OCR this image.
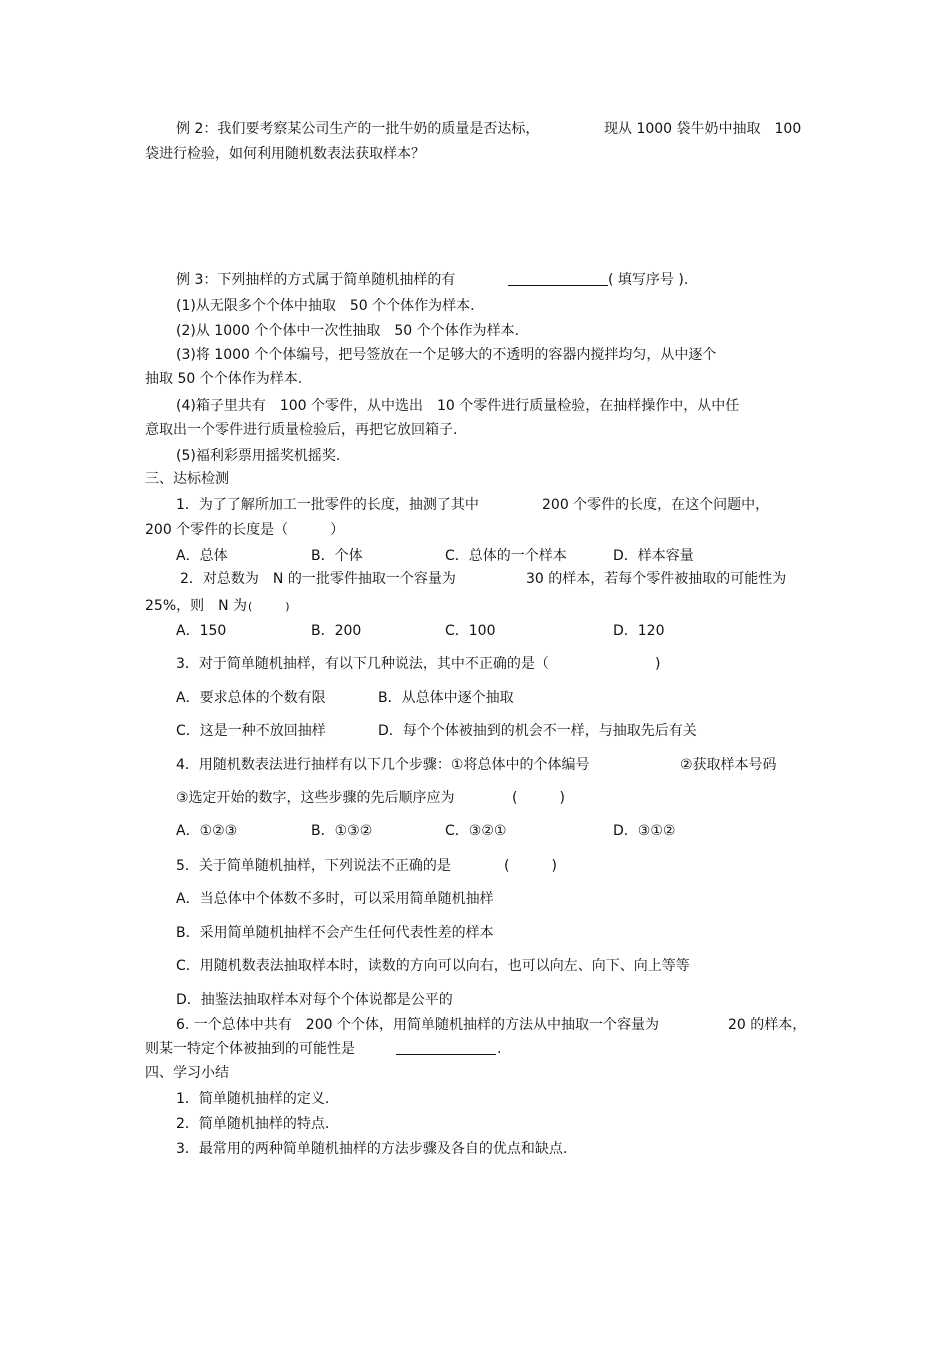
例 2：我们要考察某公司生产的一批牛奶的质量是否达标，	现从 1000 袋牛奶中抽取　100
袋进行检验，如何利用随机数表法获取样本？
例 3：下列抽样的方式属于简单随机抽样的有	( 填写序号 ).
(1)从无限多个个体中抽取　50 个个体作为样本.
(2)从 1000 个个体中一次性抽取　50 个个体作为样本.
(3)将 1000 个个体编号，把号签放在一个足够大的不透明的容器内搅拌均匀，从中逐个
抽取 50 个个体作为样本.
(4)箱子里共有　100 个零件，从中选出　10 个零件进行质量检验，在抽样操作中，从中任
意取出一个零件进行质量检验后，再把它放回箱子.
(5)福利彩票用摇奖机摇奖.
三、达标检测
1．为了了解所加工一批零件的长度，抽测了其中	200 个零件的长度，在这个问题中，
200 个零件的长度是（　　　）
A．总体	B．个体	C．总体的一个样本	D．样本容量
2．对总数为　N 的一批零件抽取一个容量为	30 的样本，若每个零件被抽取的可能性为
25%，则　N 为 (　　　)
A．150	B．200	C．100	D．120
3．对于简单随机抽样，有以下几种说法，其中不正确的是（	)
A．要求总体的个数有限	B．从总体中逐个抽取
C．这是一种不放回抽样	D．每个个体被抽到的机会不一样，与抽取先后有关
4．用随机数表法进行抽样有以下几个步骤：①将总体中的个体编号	②获取样本号码
③选定开始的数字，这些步骤的先后顺序应为	(　　　)
A．①②③	B．①③②	C．③②①	D．③①②
5．关于简单随机抽样，下列说法不正确的是	(　　　)
A．当总体中个体数不多时，可以采用简单随机抽样
B．采用简单随机抽样不会产生任何代表性差的样本
C．用随机数表法抽取样本时，读数的方向可以向右，也可以向左、向下、向上等等
D．抽鉴法抽取样本对每个个体说都是公平的
6. 一个总体中共有　200 个个体，用简单随机抽样的方法从中抽取一个容量为	20 的样本，
则某一特定个体被抽到的可能性是	.
四、学习小结
1．简单随机抽样的定义.
2．简单随机抽样的特点.
3．最常用的两种简单随机抽样的方法步骤及各自的优点和缺点.
